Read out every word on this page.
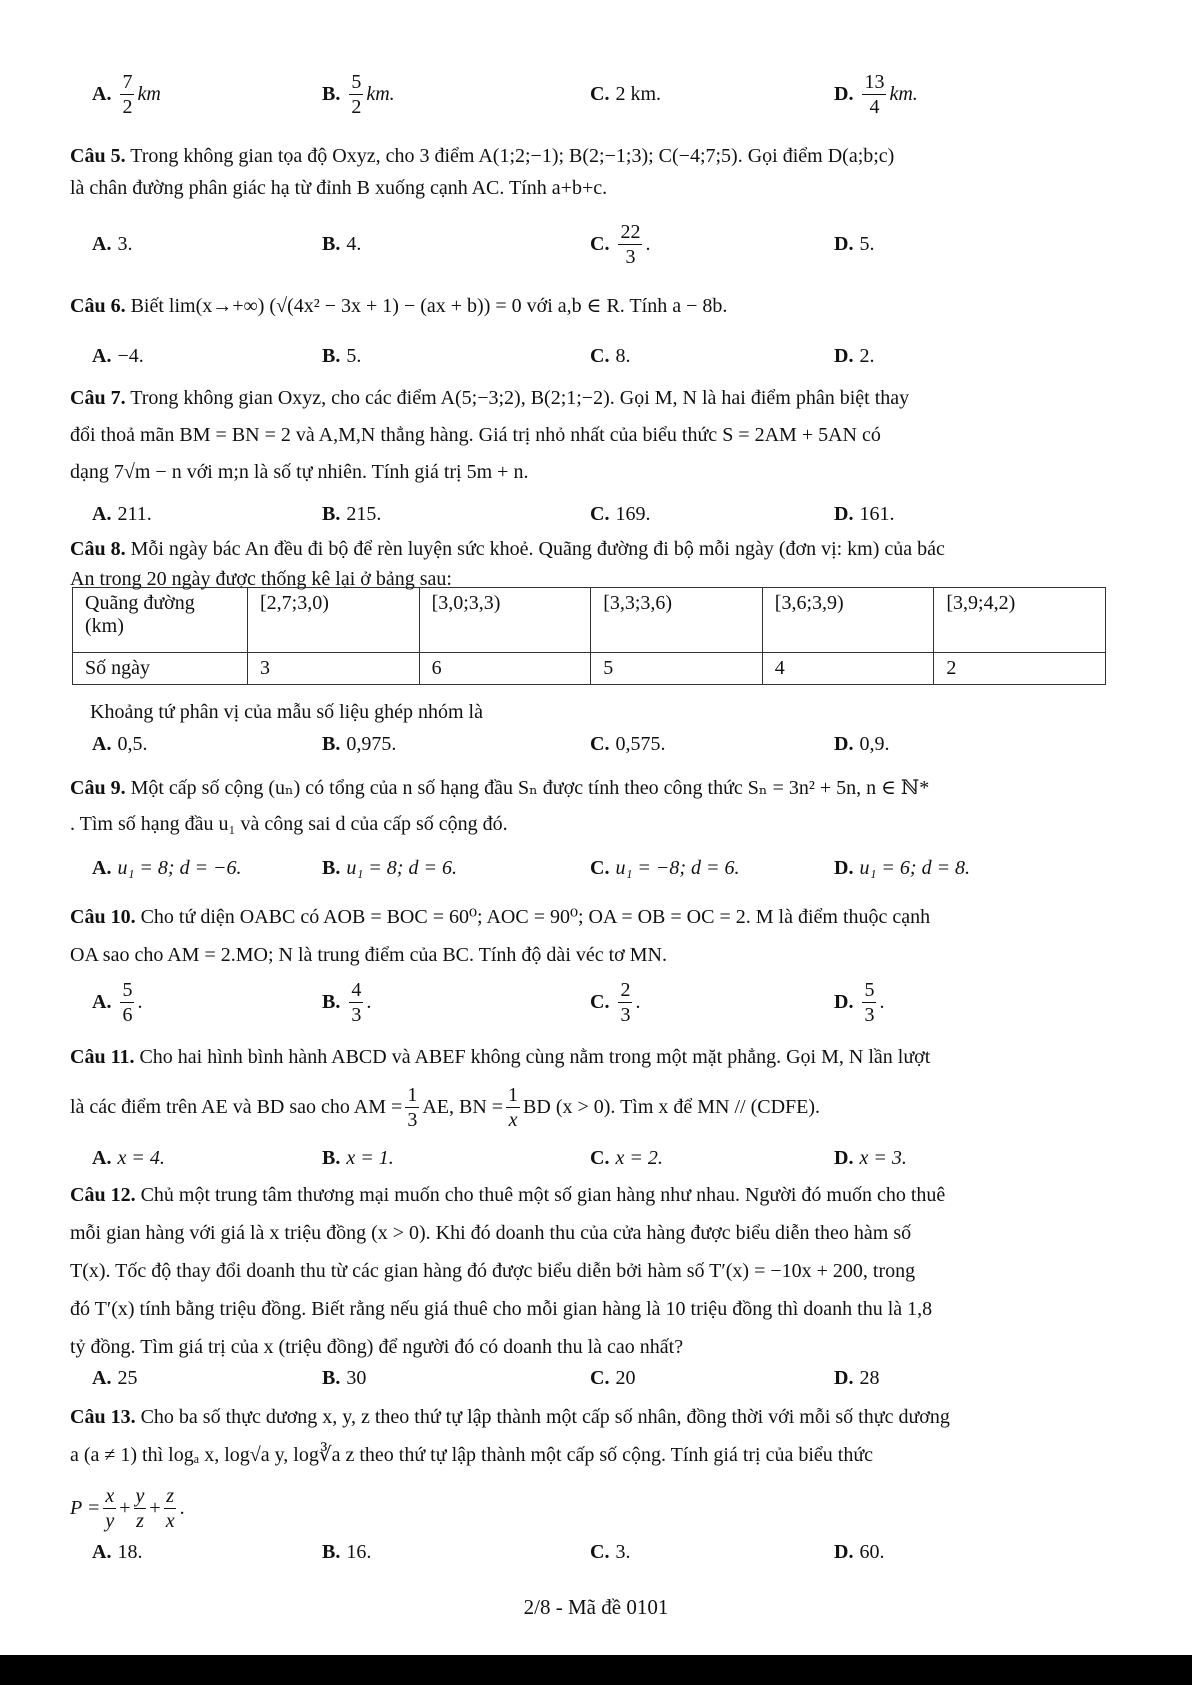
A. $\frac{7}{2}$ km	B. $\frac{5}{2}$ km.	C. 2 km.	D. $\frac{13}{4}$ km.
Câu 5. Trong không gian tọa độ Oxyz, cho 3 điểm A(1;2;−1); B(2;−1;3); C(−4;7;5). Gọi điểm D(a;b;c)
là chân đường phân giác hạ từ đỉnh B xuống cạnh AC. Tính a+b+c.
A. 3.	B. 4.	C. $\frac{22}{3}$ .	D. 5.
Câu 6. Biết lim(x→+∞) (√(4x² − 3x + 1) − (ax + b)) = 0 với a,b ∈ R. Tính a − 8b.
A. −4.	B. 5.	C. 8.	D. 2.
Câu 7. Trong không gian Oxyz, cho các điểm A(5;−3;2), B(2;1;−2). Gọi M, N là hai điểm phân biệt thay
đổi thoả mãn BM = BN = 2 và A,M,N thẳng hàng. Giá trị nhỏ nhất của biểu thức S = 2AM + 5AN có
dạng 7√m − n với m;n là số tự nhiên. Tính giá trị 5m + n.
A. 211.	B. 215.	C. 169.	D. 161.
Câu 8. Mỗi ngày bác An đều đi bộ để rèn luyện sức khoẻ. Quãng đường đi bộ mỗi ngày (đơn vị: km) của bác
An trong 20 ngày được thống kê lại ở bảng sau:
Quãng đường (km)	[2,7;3,0)	[3,0;3,3)	[3,3;3,6)	[3,6;3,9)	[3,9;4,2)
Số ngày	3	6	5	4	2
Khoảng tứ phân vị của mẫu số liệu ghép nhóm là
A. 0,5.	B. 0,975.	C. 0,575.	D. 0,9.
Câu 9. Một cấp số cộng (uₙ) có tổng của n số hạng đầu Sₙ được tính theo công thức Sₙ = 3n² + 5n, n ∈ ℕ*
. Tìm số hạng đầu u₁ và công sai d của cấp số cộng đó.
A. u₁ = 8; d = −6.	B. u₁ = 8; d = 6.	C. u₁ = −8; d = 6.	D. u₁ = 6; d = 8.
Câu 10. Cho tứ diện OABC có AOB = BOC = 60⁰; AOC = 90⁰; OA = OB = OC = 2. M là điểm thuộc cạnh
OA sao cho AM = 2.MO; N là trung điểm của BC. Tính độ dài véc tơ MN.
A. $\frac{5}{6}$ .	B. $\frac{4}{3}$ .	C. $\frac{2}{3}$ .	D. $\frac{5}{3}$ .
Câu 11. Cho hai hình bình hành ABCD và ABEF không cùng nằm trong một mặt phẳng. Gọi M, N lần lượt
là các điểm trên AE và BD sao cho AM = $\frac{1}{3}$ AE, BN = $\frac{1}{x}$ BD (x > 0). Tìm x để MN // (CDFE).
A. x = 4.	B. x = 1.	C. x = 2.	D. x = 3.
Câu 12. Chủ một trung tâm thương mại muốn cho thuê một số gian hàng như nhau. Người đó muốn cho thuê
mỗi gian hàng với giá là x triệu đồng (x > 0). Khi đó doanh thu của cửa hàng được biểu diễn theo hàm số
T(x). Tốc độ thay đổi doanh thu từ các gian hàng đó được biểu diễn bởi hàm số T′(x) = −10x + 200, trong
đó T′(x) tính bằng triệu đồng. Biết rằng nếu giá thuê cho mỗi gian hàng là 10 triệu đồng thì doanh thu là 1,8
tỷ đồng. Tìm giá trị của x (triệu đồng) để người đó có doanh thu là cao nhất?
A. 25	B. 30	C. 20	D. 28
Câu 13. Cho ba số thực dương x, y, z theo thứ tự lập thành một cấp số nhân, đồng thời với mỗi số thực dương
a (a ≠ 1) thì logₐ x, log√a y, log∛a z theo thứ tự lập thành một cấp số cộng. Tính giá trị của biểu thức
$P = \frac{x}{y} + \frac{y}{z} + \frac{z}{x}$ .
A. 18.	B. 16.	C. 3.	D. 60.
2/8 - Mã đề 0101
